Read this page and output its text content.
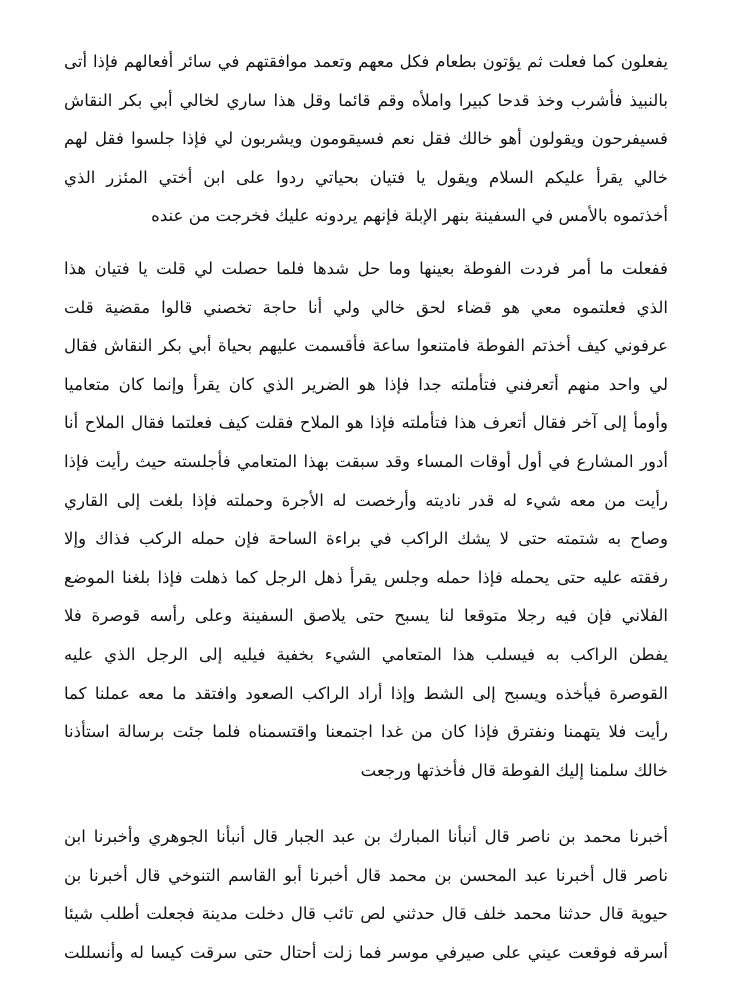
يفعلون كما فعلت ثم يؤتون بطعام فكل معهم وتعمد موافقتهم في سائر أفعالهم فإذا أتى
بالنبيذ فأشرب وخذ قدحا كبيرا واملأه وقم قائما وقل هذا ساري لخالي أبي بكر النقاش
فسيفرحون ويقولون أهو خالك فقل نعم فسيقومون ويشربون لي فإذا جلسوا فقل لهم
خالي يقرأ عليكم السلام ويقول يا فتيان بحياتي ردوا على ابن أختي المئزر الذي
أخذتموه بالأمس في السفينة بنهر الإبلة فإنهم يردونه عليك فخرجت من عنده
ففعلت ما أمر فردت الفوطة بعينها وما حل شدها فلما حصلت لي قلت يا فتيان هذا
الذي فعلتموه معي هو قضاء لحق خالي ولي أنا حاجة تخصني قالوا مقضية قلت
عرفوني كيف أخذتم الفوطة فامتنعوا ساعة فأقسمت عليهم بحياة أبي بكر النقاش فقال
لي واحد منهم أتعرفني فتأملته جدا فإذا هو الضرير الذي كان يقرأ وإنما كان متعاميا
وأومأ إلى آخر فقال أتعرف هذا فتأملته فإذا هو الملاح فقلت كيف فعلتما فقال الملاح أنا
أدور المشارع في أول أوقات المساء وقد سبقت بهذا المتعامي فأجلسته حيث رأيت فإذا
رأيت من معه شيء له قدر ناديته وأرخصت له الأجرة وحملته فإذا بلغت إلى القاري
وصاح به شتمته حتى لا يشك الراكب في براءة الساحة فإن حمله الركب فذاك وإلا
رفقته عليه حتى يحمله فإذا حمله وجلس يقرأ ذهل الرجل كما ذهلت فإذا بلغنا الموضع
الفلاني فإن فيه رجلا متوقعا لنا يسبح حتى يلاصق السفينة وعلى رأسه قوصرة فلا
يفطن الراكب به فيسلب هذا المتعامي الشيء بخفية فيليه إلى الرجل الذي عليه
القوصرة فيأخذه ويسبح إلى الشط وإذا أراد الراكب الصعود وافتقد ما معه عملنا كما
رأيت فلا يتهمنا ونفترق فإذا كان من غدا اجتمعنا واقتسمناه فلما جئت برسالة استأذنا
خالك سلمنا إليك الفوطة قال فأخذتها ورجعت
أخبرنا محمد بن ناصر قال أنبأنا المبارك بن عبد الجبار قال أنبأنا الجوهري وأخبرنا ابن
ناصر قال أخبرنا عبد المحسن بن محمد قال أخبرنا أبو القاسم التنوخي قال أخبرنا بن
حيوية قال حدثنا محمد خلف قال حدثني لص تائب قال دخلت مدينة فجعلت أطلب شيئا
أسرقه فوقعت عيني على صيرفي موسر فما زلت أحتال حتى سرقت كيسا له وأنسللت
